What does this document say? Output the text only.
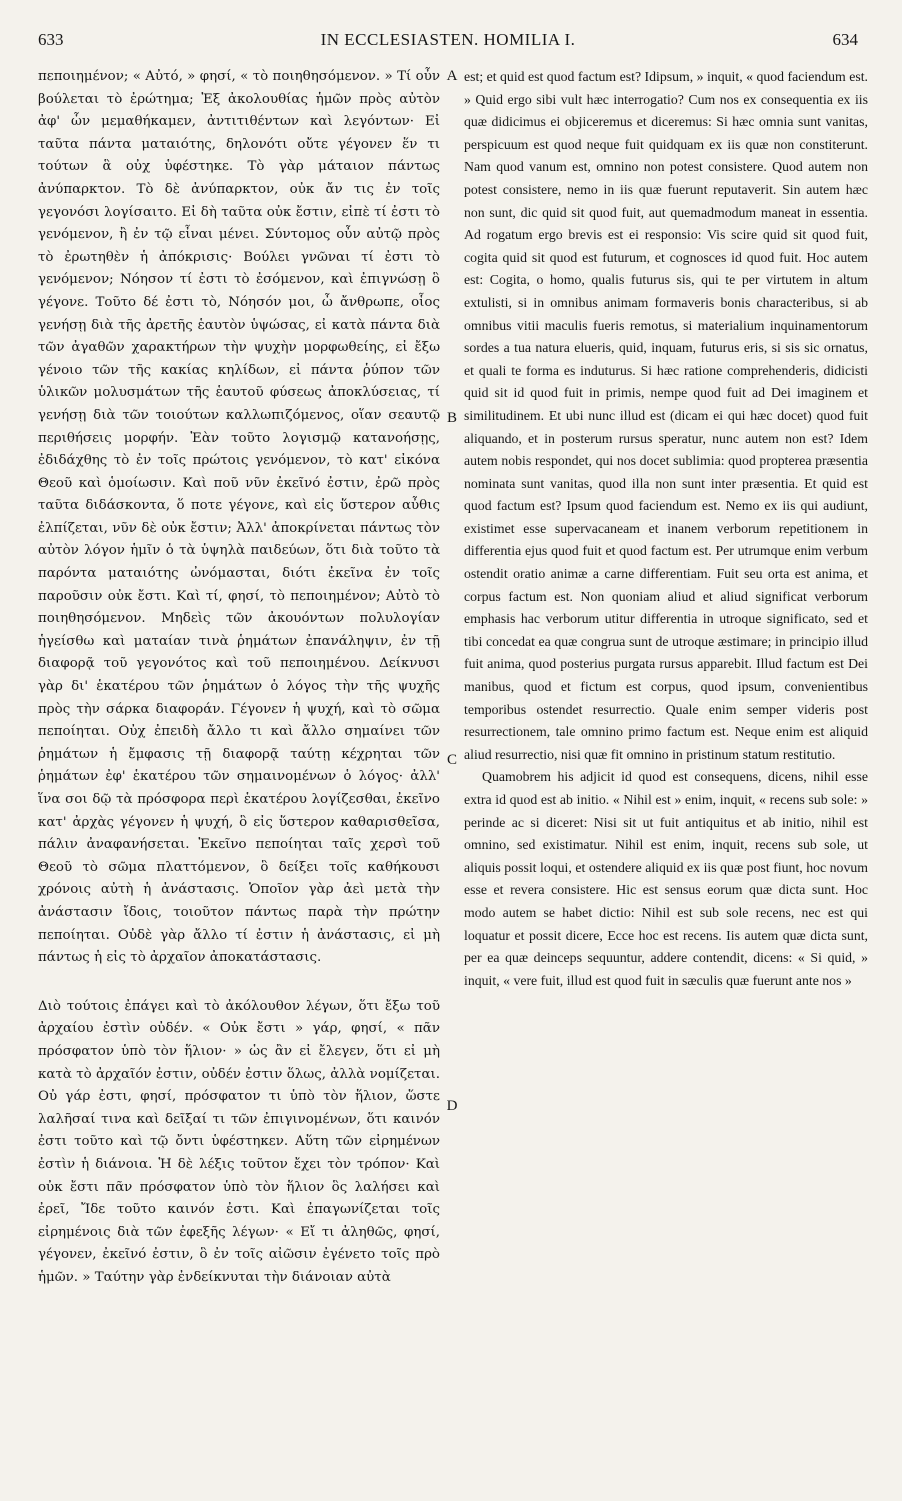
633	IN ECCLESIASTEN. HOMILIA I.	634

πεποιημένον; « Αὐτό, » φησί, « τὸ ποιηθησόμενον. » Τί οὖν βούλεται τὸ ἐρώτημα; Ἐξ ἀκολουθίας ἡμῶν πρὸς αὐτὸν ἀφ' ὧν μεμαθήκαμεν, ἀντιτιθέντων καὶ λεγόντων· Εἰ ταῦτα πάντα ματαιότης, δηλονότι οὔτε γέγονεν ἕν τι τούτων ἃ οὐχ ὑφέστηκε. Τὸ γὰρ μάταιον πάντως ἀνύπαρκτον. Τὸ δὲ ἀνύπαρκτον, οὐκ ἄν τις ἐν τοῖς γεγονόσι λογίσαιτο. Εἰ δὴ ταῦτα οὐκ ἔστιν, εἰπὲ τί ἐστι τὸ γενόμενον, ἢ ἐν τῷ εἶναι μένει. Σύντομος οὖν αὐτῷ πρὸς τὸ ἐρωτηθὲν ἡ ἀπόκρισις· Βούλει γνῶναι τί ἐστι τὸ γενόμενον; Νόησον τί ἐστι τὸ ἐσόμενον, καὶ ἐπιγνώσῃ ὃ γέγονε. Τοῦτο δέ ἐστι τὸ, Νόησόν μοι, ὦ ἄνθρωπε, οἷος γενήσῃ διὰ τῆς ἀρετῆς ἑαυτὸν ὑψώσας, εἰ κατὰ πάντα διὰ τῶν ἀγαθῶν χαρακτήρων τὴν ψυχὴν μορφωθείης, εἰ ἔξω γένοιο τῶν τῆς κακίας κηλίδων, εἰ πάντα ῥύπον τῶν ὑλικῶν μολυσμάτων τῆς ἑαυτοῦ φύσεως ἀποκλύσειας, τί γενήσῃ διὰ τῶν τοιούτων καλλωπιζόμενος, οἵαν σεαυτῷ περιθήσεις μορφήν. Ἐὰν τοῦτο λογισμῷ κατανοήσῃς, ἐδιδάχθης τὸ ἐν τοῖς πρώτοις γενόμενον, τὸ κατ' εἰκόνα Θεοῦ καὶ ὁμοίωσιν. Καὶ ποῦ νῦν ἐκεῖνό ἐστιν, ἐρῶ πρὸς ταῦτα διδάσκοντα, ὅ ποτε γέγονε, καὶ εἰς ὕστερον αὖθις ἐλπίζεται, νῦν δὲ οὐκ ἔστιν; Ἀλλ' ἀποκρίνεται πάντως τὸν αὐτὸν λόγον ἡμῖν ὁ τὰ ὑψηλὰ παιδεύων, ὅτι διὰ τοῦτο τὰ παρόντα ματαιότης ὠνόμασται, διότι ἐκεῖνα ἐν τοῖς παροῦσιν οὐκ ἔστι. Καὶ τί, φησί, τὸ πεποιημένον; Αὐτὸ τὸ ποιηθησόμενον. Μηδεὶς τῶν ἀκουόντων πολυλογίαν ἡγείσθω καὶ ματαίαν τινὰ ῥημάτων ἐπανάληψιν, ἐν τῇ διαφορᾷ τοῦ γεγονότος καὶ τοῦ πεποιημένου. Δείκνυσι γὰρ δι' ἑκατέρου τῶν ῥημάτων ὁ λόγος τὴν τῆς ψυχῆς πρὸς τὴν σάρκα διαφοράν. Γέγονεν ἡ ψυχή, καὶ τὸ σῶμα πεποίηται. Οὐχ ἐπειδὴ ἄλλο τι καὶ ἄλλο σημαίνει τῶν ῥημάτων ἡ ἔμφασις τῇ διαφορᾷ ταύτῃ κέχρηται τῶν ῥημάτων ἐφ' ἑκατέρου τῶν σημαινομένων ὁ λόγος· ἀλλ' ἵνα σοι δῷ τὰ πρόσφορα περὶ ἑκατέρου λογίζεσθαι, ἐκεῖνο κατ' ἀρχὰς γέγονεν ἡ ψυχή, ὃ εἰς ὕστερον καθαρισθεῖσα, πάλιν ἀναφανήσεται. Ἐκεῖνο πεποίηται ταῖς χερσὶ τοῦ Θεοῦ τὸ σῶμα πλαττόμενον, ὃ δείξει τοῖς καθήκουσι χρόνοις αὐτὴ ἡ ἀνάστασις. Ὁποῖον γὰρ ἀεὶ μετὰ τὴν ἀνάστασιν ἴδοις, τοιοῦτον πάντως παρὰ τὴν πρώτην πεποίηται. Οὐδὲ γὰρ ἄλλο τί ἐστιν ἡ ἀνάστασις, εἰ μὴ πάντως ἡ εἰς τὸ ἀρχαῖον ἀποκατάστασις.

Διὸ τούτοις ἐπάγει καὶ τὸ ἀκόλουθον λέγων, ὅτι ἔξω τοῦ ἀρχαίου ἐστὶν οὐδέν. « Οὐκ ἔστι » γάρ, φησί, « πᾶν πρόσφατον ὑπὸ τὸν ἥλιον· » ὡς ἂν εἰ ἔλεγεν, ὅτι εἰ μὴ κατὰ τὸ ἀρχαῖόν ἐστιν, οὐδέν ἐστιν ὅλως, ἀλλὰ νομίζεται. Οὐ γάρ ἐστι, φησί, πρόσφατον τι ὑπὸ τὸν ἥλιον, ὥστε λαλῆσαί τινα καὶ δεῖξαί τι τῶν ἐπιγινομένων, ὅτι καινόν ἐστι τοῦτο καὶ τῷ ὄντι ὑφέστηκεν. Αὕτη τῶν εἰρημένων ἐστὶν ἡ διάνοια. Ἡ δὲ λέξις τοῦτον ἔχει τὸν τρόπον· Καὶ οὐκ ἔστι πᾶν πρόσφατον ὑπὸ τὸν ἥλιον ὃς λαλήσει καὶ ἐρεῖ, Ἴδε τοῦτο καινόν ἐστι. Καὶ ἐπαγωνίζεται τοῖς εἰρημένοις διὰ τῶν ἐφεξῆς λέγων· « Εἴ τι ἀληθῶς, φησί, γέγονεν, ἐκεῖνό ἐστιν, ὃ ἐν τοῖς αἰῶσιν ἐγένετο τοῖς πρὸ ἡμῶν. » Ταύτην γὰρ ἐνδείκνυται τὴν διάνοιαν αὐτὰ

A
B
C
D

est; et quid est quod factum est? Idipsum, » inquit, « quod faciendum est. » Quid ergo sibi vult hæc interrogatio? Cum nos ex consequentia ex iis quæ didicimus ei objiceremus et diceremus: Si hæc omnia sunt vanitas, perspicuum est quod neque fuit quidquam ex iis quæ non constiterunt. Nam quod vanum est, omnino non potest consistere. Quod autem non potest consistere, nemo in iis quæ fuerunt reputaverit. Sin autem hæc non sunt, dic quid sit quod fuit, aut quemadmodum maneat in essentia. Ad rogatum ergo brevis est ei responsio: Vis scire quid sit quod fuit, cogita quid sit quod est futurum, et cognosces id quod fuit. Hoc autem est: Cogita, o homo, qualis futurus sis, qui te per virtutem in altum extulisti, si in omnibus animam formaveris bonis characteribus, si ab omnibus vitii maculis fueris remotus, si materialium inquinamentorum sordes a tua natura elueris, quid, inquam, futurus eris, si sis sic ornatus, et quali te forma es induturus. Si hæc ratione comprehenderis, didicisti quid sit id quod fuit in primis, nempe quod fuit ad Dei imaginem et similitudinem. Et ubi nunc illud est (dicam ei qui hæc docet) quod fuit aliquando, et in posterum rursus speratur, nunc autem non est? Idem autem nobis respondet, qui nos docet sublimia: quod propterea præsentia nominata sunt vanitas, quod illa non sunt inter præsentia. Et quid est quod factum est? Ipsum quod faciendum est. Nemo ex iis qui audiunt, existimet esse supervacaneam et inanem verborum repetitionem in differentia ejus quod fuit et quod factum est. Per utrumque enim verbum ostendit oratio animæ a carne differentiam. Fuit seu orta est anima, et corpus factum est. Non quoniam aliud et aliud significat verborum emphasis hac verborum utitur differentia in utroque significato, sed et tibi concedat ea quæ congrua sunt de utroque æstimare; in principio illud fuit anima, quod posterius purgata rursus apparebit. Illud factum est Dei manibus, quod et fictum est corpus, quod ipsum, convenientibus temporibus ostendet resurrectio. Quale enim semper videris post resurrectionem, tale omnino primo factum est. Neque enim est aliquid aliud resurrectio, nisi quæ fit omnino in pristinum statum restitutio.

Quamobrem his adjicit id quod est consequens, dicens, nihil esse extra id quod est ab initio. « Nihil est » enim, inquit, « recens sub sole: » perinde ac si diceret: Nisi sit ut fuit antiquitus et ab initio, nihil est omnino, sed existimatur. Nihil est enim, inquit, recens sub sole, ut aliquis possit loqui, et ostendere aliquid ex iis quæ post fiunt, hoc novum esse et revera consistere. Hic est sensus eorum quæ dicta sunt. Hoc modo autem se habet dictio: Nihil est sub sole recens, nec est qui loquatur et possit dicere, Ecce hoc est recens. Iis autem quæ dicta sunt, per ea quæ deinceps sequuntur, addere contendit, dicens: « Si quid, » inquit, « vere fuit, illud est quod fuit in sæculis quæ fuerunt ante nos »
